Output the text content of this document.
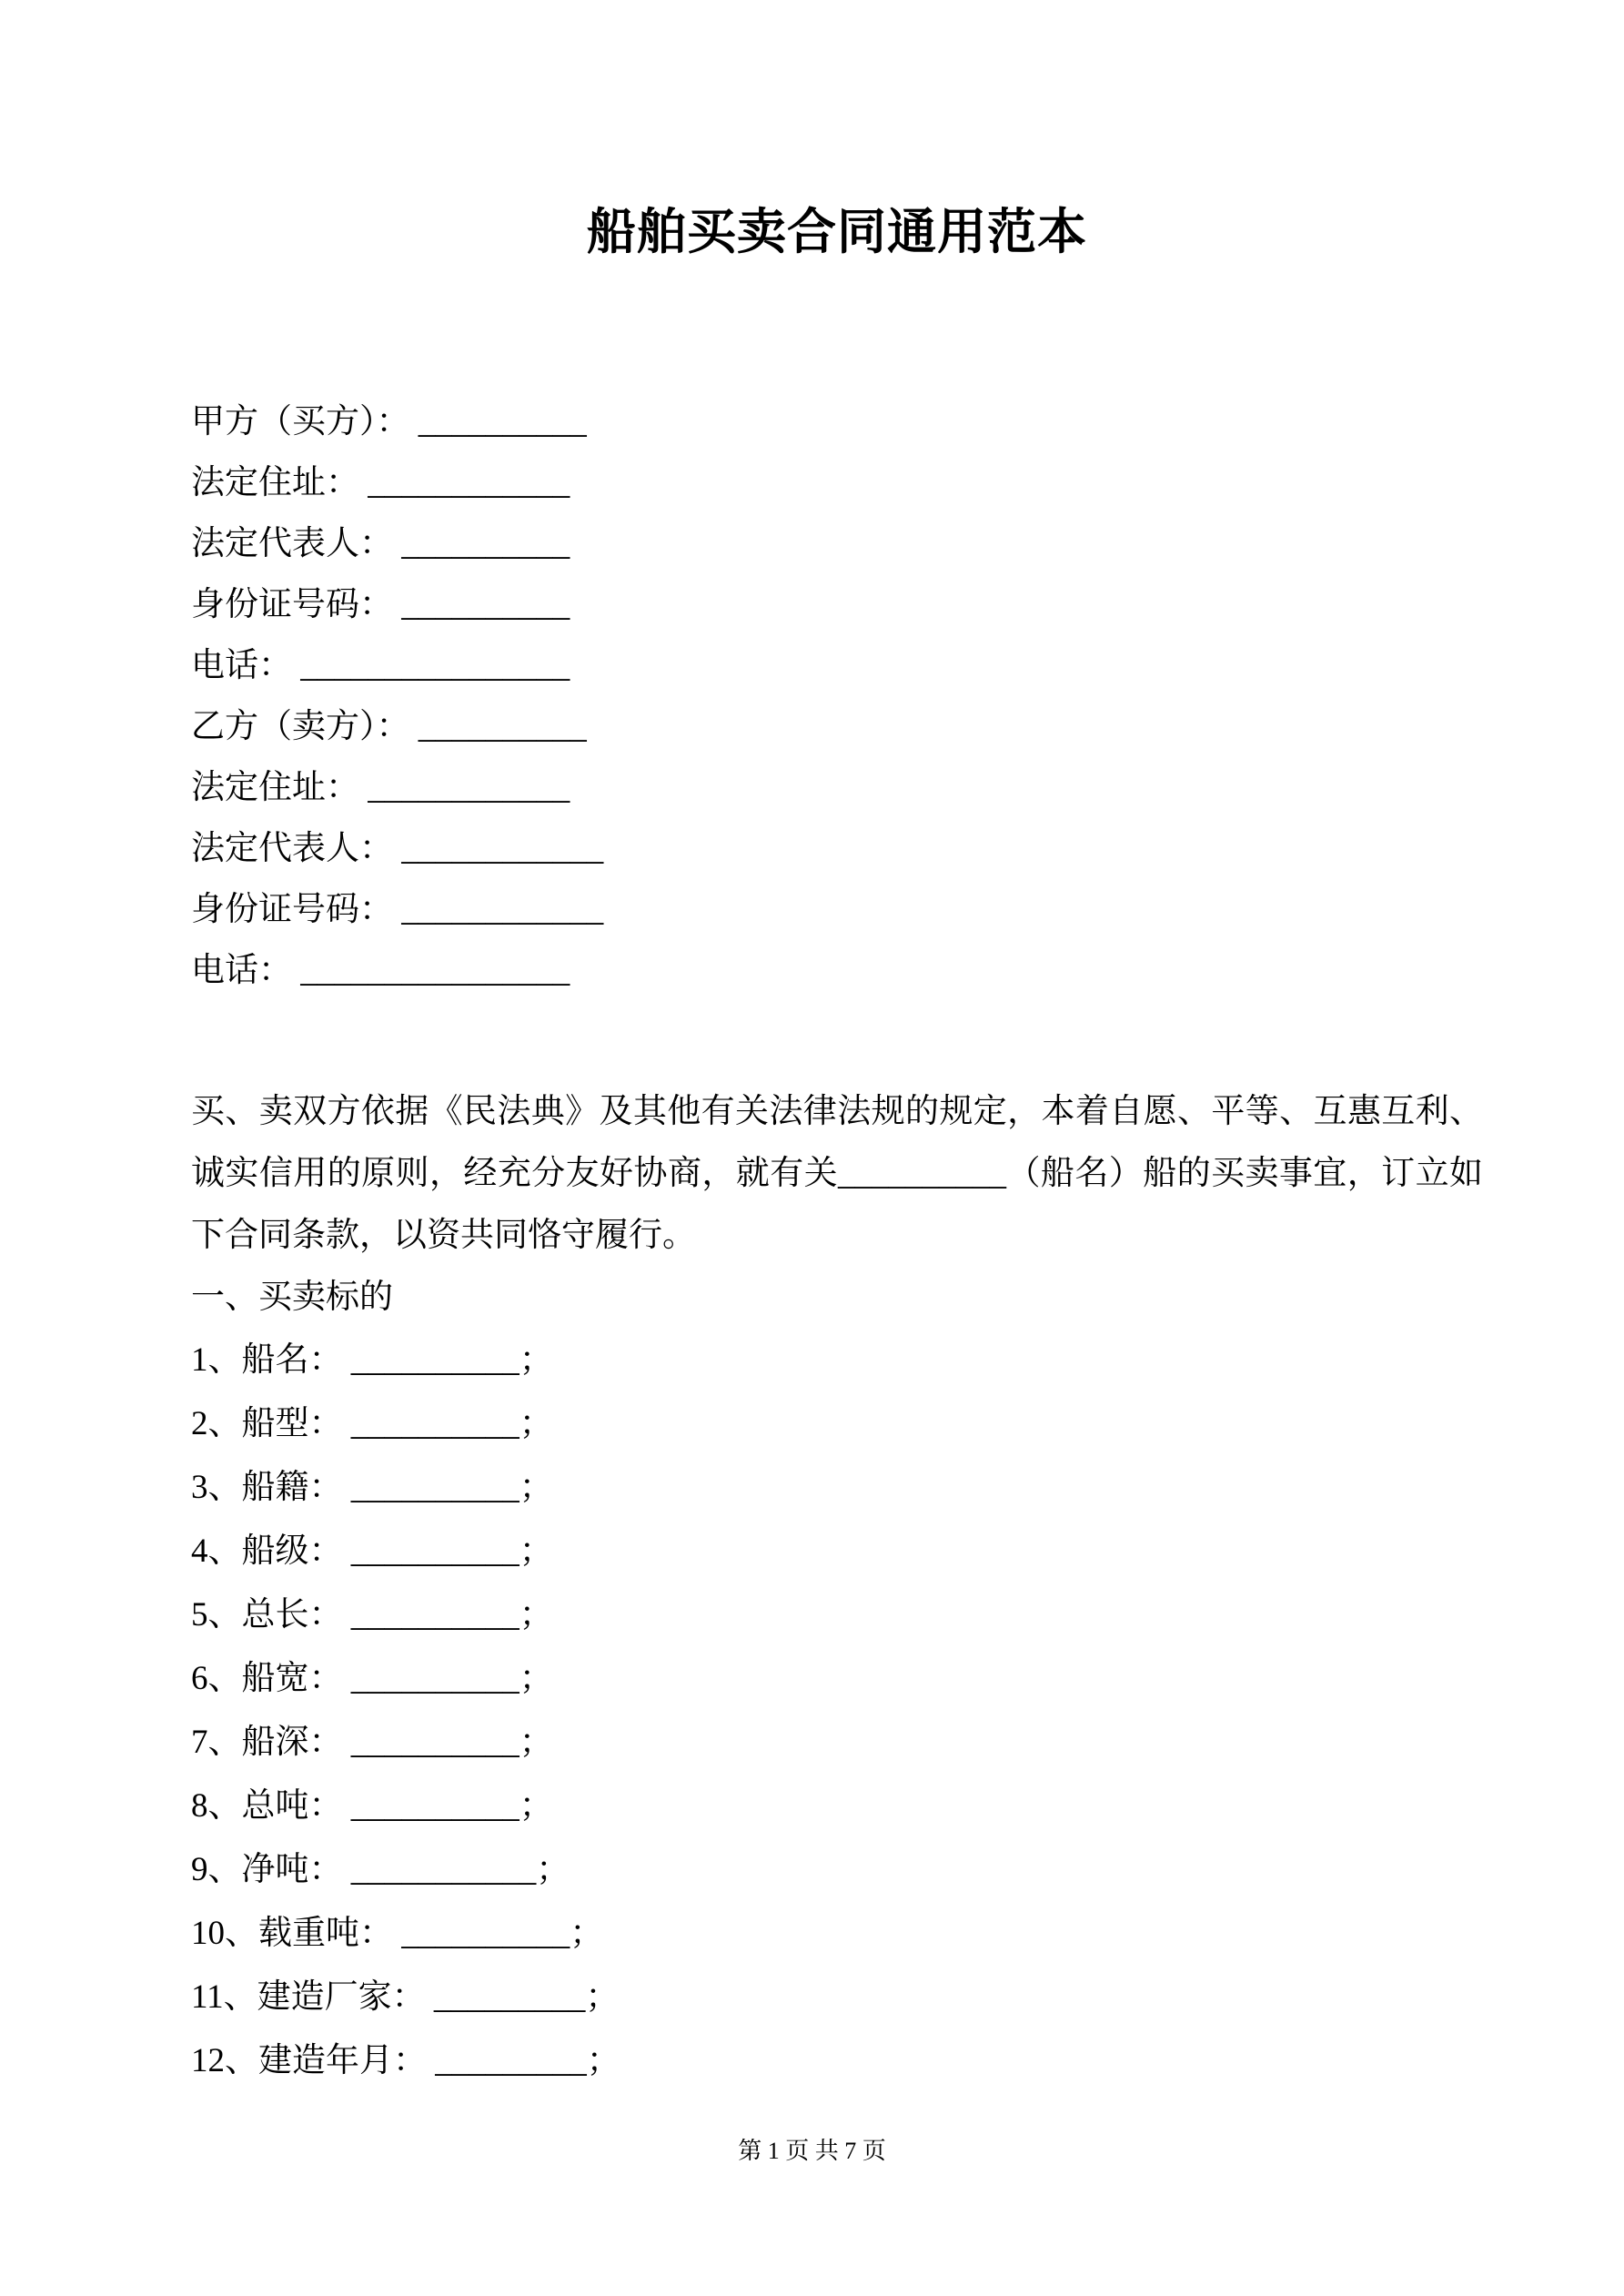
船舶买卖合同通用范本
甲方（买方）： __________
法定住址： ____________
法定代表人： __________
身份证号码： __________
电话： ________________
乙方（卖方）： __________
法定住址： ____________
法定代表人： ____________
身份证号码： ____________
电话： ________________
买、卖双方依据《民法典》及其他有关法律法规的规定，本着自愿、平等、互惠互利、
诚实信用的原则，经充分友好协商，就有关__________（船名）船的买卖事宜，订立如
下合同条款，以资共同恪守履行。
一、买卖标的
1、船名： __________；
2、船型： __________；
3、船籍： __________；
4、船级： __________；
5、总长： __________；
6、船宽： __________；
7、船深： __________；
8、总吨： __________；
9、净吨： ___________；
10、载重吨： __________；
11、建造厂家： _________；
12、建造年月： _________；
第 1 页 共 7 页
